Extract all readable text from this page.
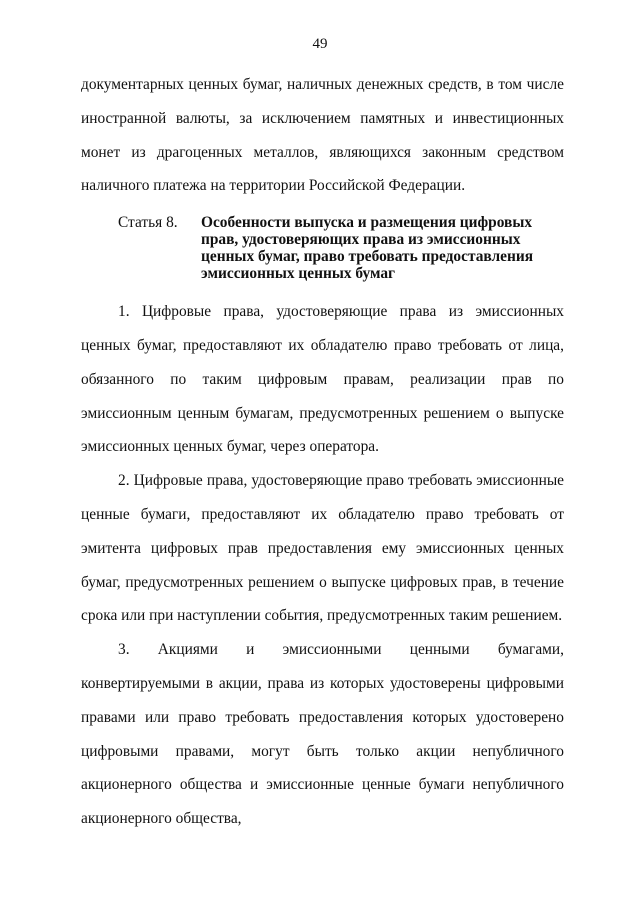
49

документарных ценных бумаг, наличных денежных средств, в том числе иностранной валюты, за исключением памятных и инвестиционных монет из драгоценных металлов, являющихся законным средством наличного платежа на территории Российской Федерации.

Статья 8.	Особенности выпуска и размещения цифровых прав, удостоверяющих права из эмиссионных ценных бумаг, право требовать предоставления эмиссионных ценных бумаг

1. Цифровые права, удостоверяющие права из эмиссионных ценных бумаг, предоставляют их обладателю право требовать от лица, обязанного по таким цифровым правам, реализации прав по эмиссионным ценным бумагам, предусмотренных решением о выпуске эмиссионных ценных бумаг, через оператора.

2. Цифровые права, удостоверяющие право требовать эмиссионные ценные бумаги, предоставляют их обладателю право требовать от эмитента цифровых прав предоставления ему эмиссионных ценных бумаг, предусмотренных решением о выпуске цифровых прав, в течение срока или при наступлении события, предусмотренных таким решением.

3. Акциями и эмиссионными ценными бумагами, конвертируемыми в акции, права из которых удостоверены цифровыми правами или право требовать предоставления которых удостоверено цифровыми правами, могут быть только акции непубличного акционерного общества и эмиссионные ценные бумаги непубличного акционерного общества,
